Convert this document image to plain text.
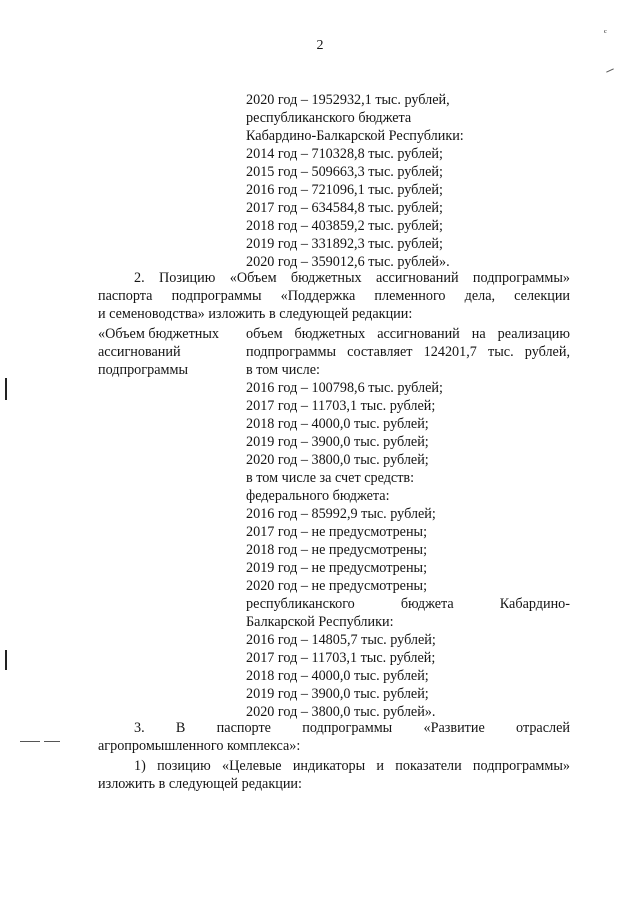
2
ᶜ
2020 год – 1952932,1 тыс. рублей,
республиканского бюджета
Кабардино-Балкарской Республики:
2014 год – 710328,8 тыс. рублей;
2015 год – 509663,3 тыс. рублей;
2016 год – 721096,1 тыс. рублей;
2017 год – 634584,8 тыс. рублей;
2018 год – 403859,2 тыс. рублей;
2019 год – 331892,3 тыс. рублей;
2020 год – 359012,6 тыс. рублей».
2. Позицию «Объем бюджетных ассигнований подпрограммы»
паспорта подпрограммы «Поддержка племенного дела, селекции
и семеноводства» изложить в следующей редакции:
«Объем бюджетных
ассигнований
подпрограммы
объем бюджетных ассигнований на реализацию
подпрограммы составляет 124201,7 тыс. рублей,
в том числе:
2016 год – 100798,6 тыс. рублей;
2017 год – 11703,1 тыс. рублей;
2018 год – 4000,0 тыс. рублей;
2019 год – 3900,0 тыс. рублей;
2020 год – 3800,0 тыс. рублей;
в том числе за счет средств:
федерального бюджета:
2016 год – 85992,9 тыс. рублей;
2017 год – не предусмотрены;
2018 год – не предусмотрены;
2019 год – не предусмотрены;
2020 год – не предусмотрены;
республиканского бюджета Кабардино-
Балкарской Республики:
2016 год – 14805,7 тыс. рублей;
2017 год – 11703,1 тыс. рублей;
2018 год – 4000,0 тыс. рублей;
2019 год – 3900,0 тыс. рублей;
2020 год – 3800,0 тыс. рублей».
3. В паспорте подпрограммы «Развитие отраслей
агропромышленного комплекса»:
1) позицию «Целевые индикаторы и показатели подпрограммы»
изложить в следующей редакции:
